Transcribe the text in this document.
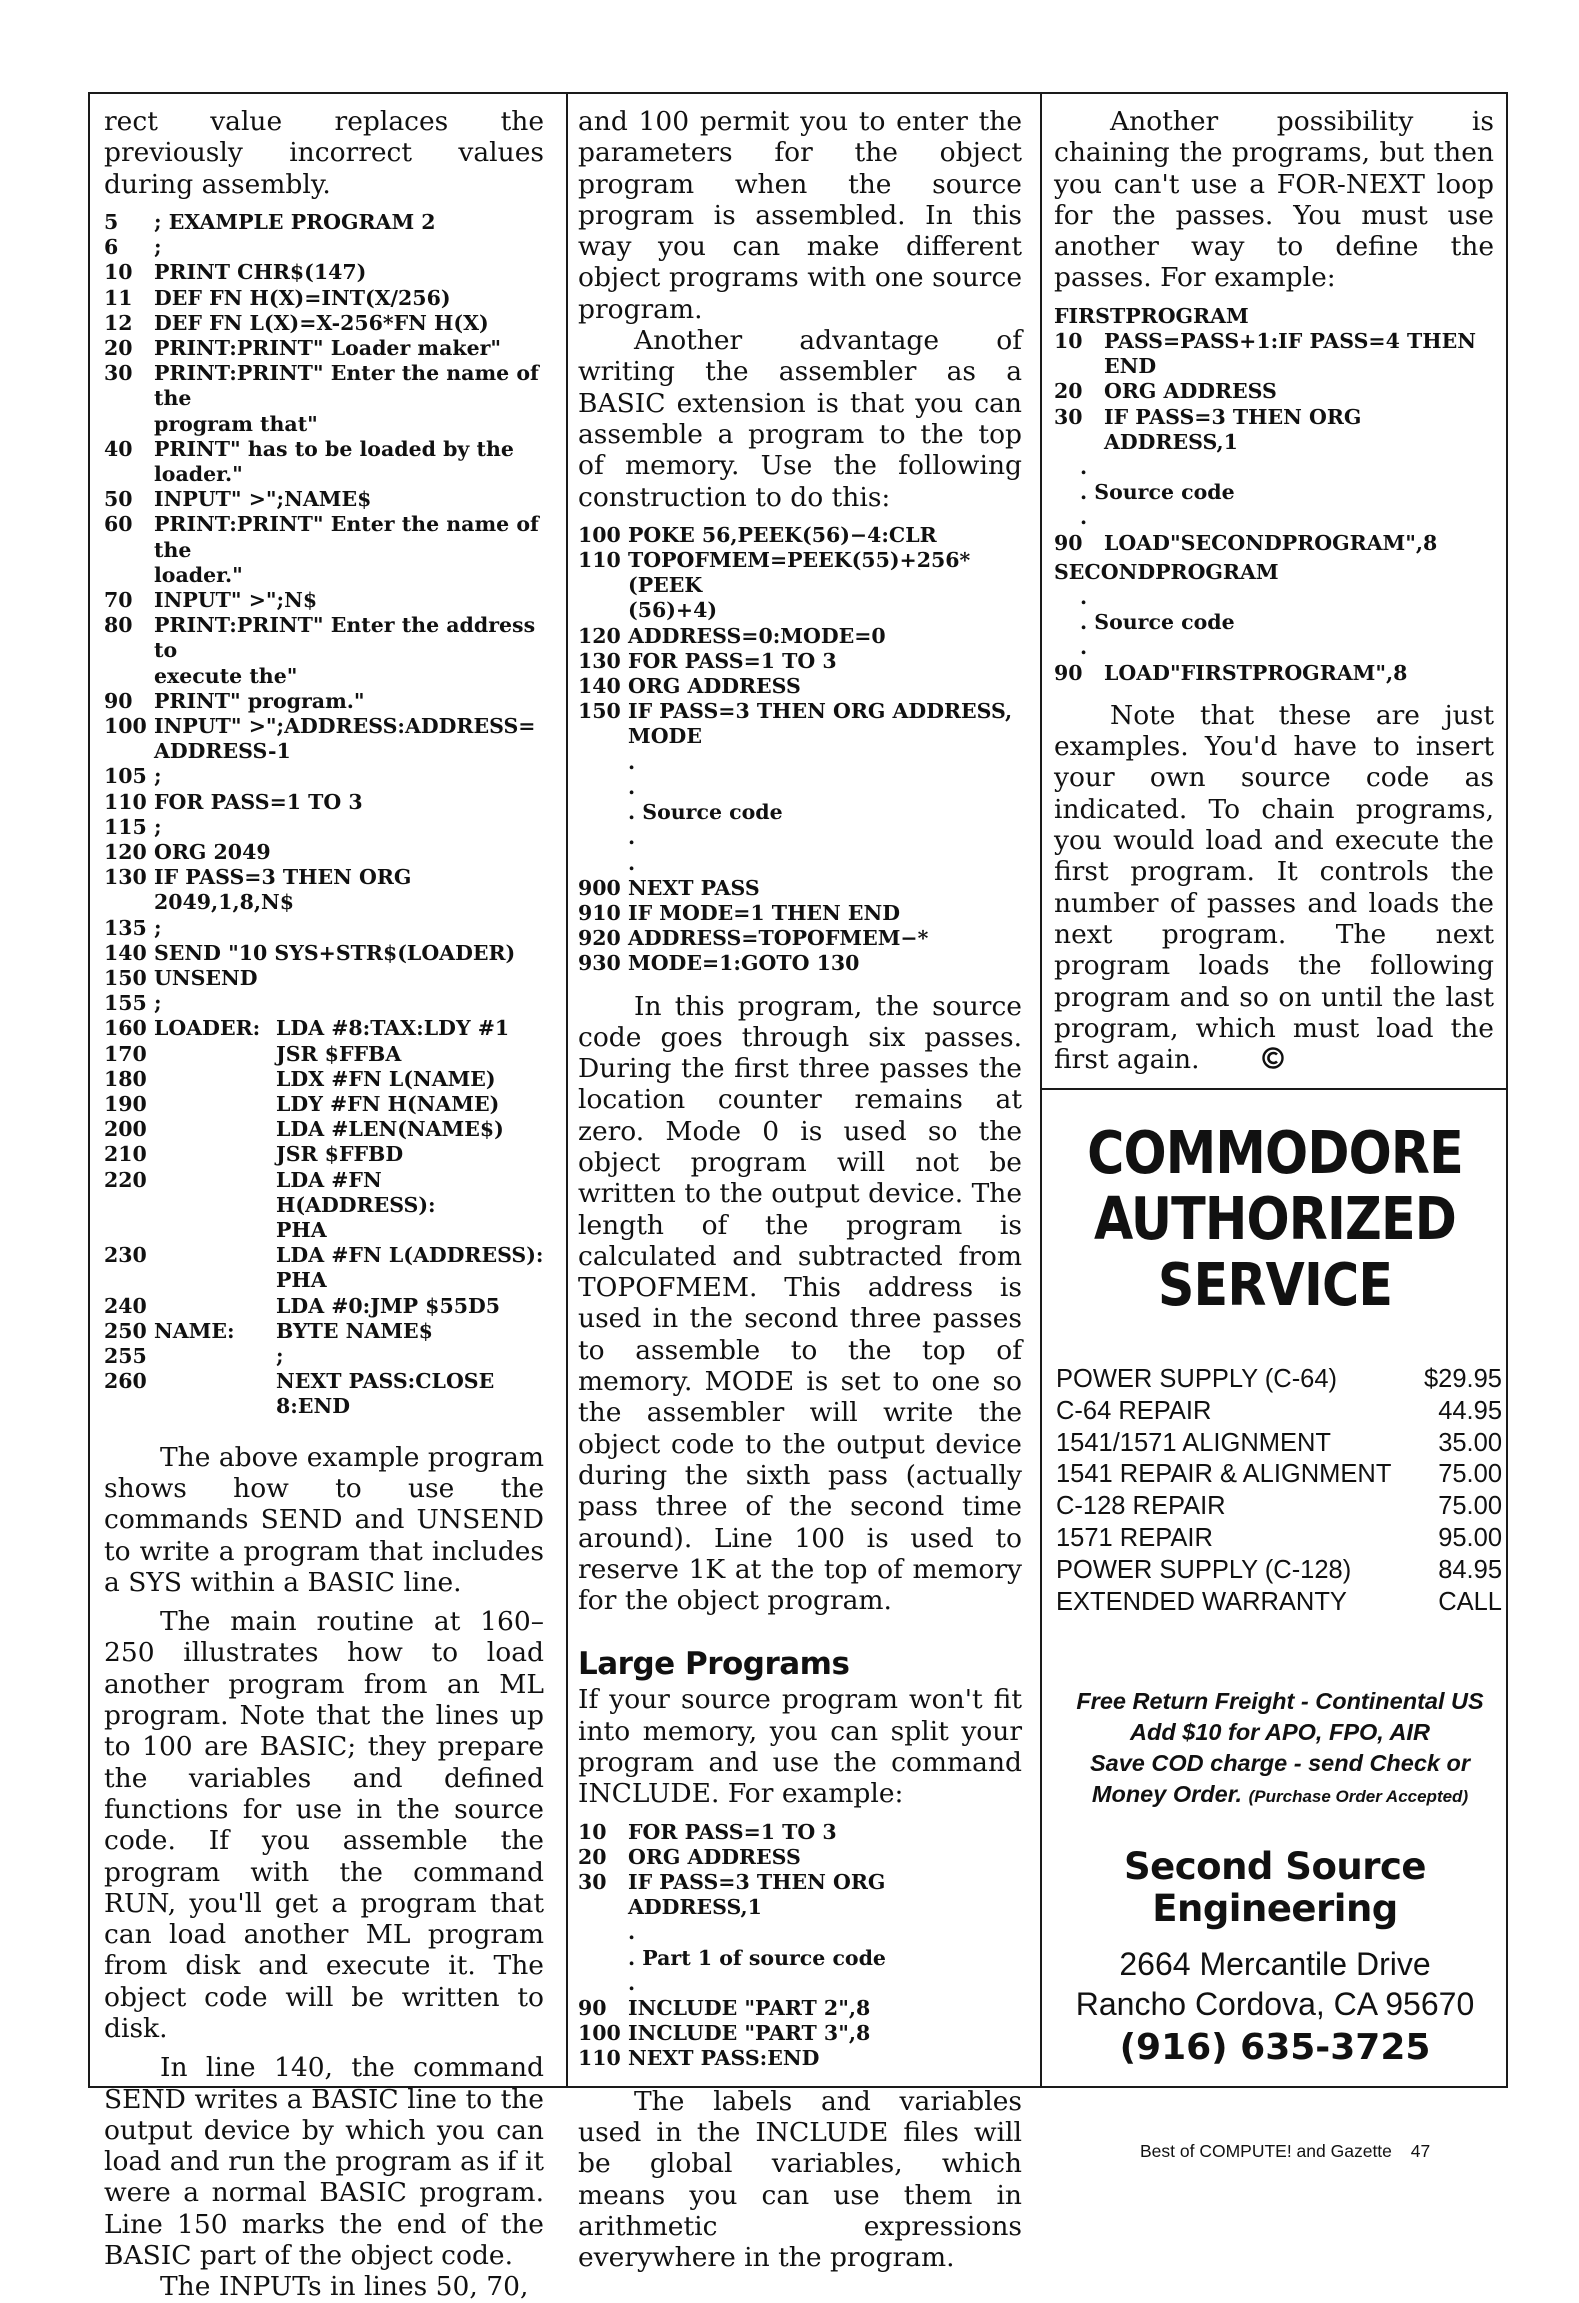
rect value replaces the previously incorrect values during assembly.

5	; EXAMPLE PROGRAM 2
6	;
10	PRINT CHR$(147)
11	DEF FN H(X)=INT(X/256)
12	DEF FN L(X)=X-256*FN H(X)
20	PRINT:PRINT" Loader maker"
30	PRINT:PRINT" Enter the name of the
program that"
40	PRINT" has to be loaded by the
loader."
50	INPUT" >";NAME$
60	PRINT:PRINT" Enter the name of the
loader."
70	INPUT" >";N$
80	PRINT:PRINT" Enter the address to
execute the"
90	PRINT" program."
100 INPUT" >";ADDRESS:ADDRESS=
ADDRESS-1
105 ;
110 FOR PASS=1 TO 3
115 ;
120 ORG 2049
130 IF PASS=3 THEN ORG 2049,1,8,N$
135 ;
140 SEND "10 SYS+STR$(LOADER)
150 UNSEND
155 ;
160 LOADER: LDA #8:TAX:LDY #1
170	JSR $FFBA
180	LDX #FN L(NAME)
190	LDY #FN H(NAME)
200	LDA #LEN(NAME$)
210	JSR $FFBD
220	LDA #FN H(ADDRESS):
PHA
230	LDA #FN L(ADDRESS):
PHA
240	LDA #0:JMP $55D5
250 NAME:	BYTE NAME$
255	;
260	NEXT PASS:CLOSE 8:END

The above example program shows how to use the commands SEND and UNSEND to write a program that includes a SYS within a BASIC line.

The main routine at 160–250 illustrates how to load another program from an ML program. Note that the lines up to 100 are BASIC; they prepare the variables and defined functions for use in the source code. If you assemble the program with the command RUN, you'll get a program that can load another ML program from disk and execute it. The object code will be written to disk.

In line 140, the command SEND writes a BASIC line to the output device by which you can load and run the program as if it were a normal BASIC program. Line 150 marks the end of the BASIC part of the object code.

The INPUTs in lines 50, 70,

and 100 permit you to enter the parameters for the object program when the source program is assembled. In this way you can make different object programs with one source program.

Another advantage of writing the assembler as a BASIC extension is that you can assemble a program to the top of memory. Use the following construction to do this:

100 POKE 56,PEEK(56)−4:CLR
110 TOPOFMEM=PEEK(55)+256*(PEEK
(56)+4)
120 ADDRESS=0:MODE=0
130 FOR PASS=1 TO 3
140 ORG ADDRESS
150 IF PASS=3 THEN ORG ADDRESS,
MODE
.
.
. Source code
.
.
900 NEXT PASS
910 IF MODE=1 THEN END
920 ADDRESS=TOPOFMEM−*
930 MODE=1:GOTO 130

In this program, the source code goes through six passes. During the first three passes the location counter remains at zero. Mode 0 is used so the object program will not be written to the output device. The length of the program is calculated and subtracted from TOPOFMEM. This address is used in the second three passes to assemble to the top of memory. MODE is set to one so the assembler will write the object code to the output device during the sixth pass (actually pass three of the second time around). Line 100 is used to reserve 1K at the top of memory for the object program.

Large Programs

If your source program won't fit into memory, you can split your program and use the command INCLUDE. For example:

10	FOR PASS=1 TO 3
20	ORG ADDRESS
30	IF PASS=3 THEN ORG ADDRESS,1
.
. Part 1 of source code
.
90	INCLUDE "PART 2",8
100 INCLUDE "PART 3",8
110 NEXT PASS:END

The labels and variables used in the INCLUDE files will be global variables, which means you can use them in arithmetic expressions everywhere in the program.

Another possibility is chaining the programs, but then you can't use a FOR-NEXT loop for the passes. You must use another way to define the passes. For example:

FIRSTPROGRAM
10	PASS=PASS+1:IF PASS=4 THEN
END
20	ORG ADDRESS
30	IF PASS=3 THEN ORG ADDRESS,1
.
. Source code
.
90	LOAD"SECONDPROGRAM",8
SECONDPROGRAM
.
. Source code
.
90	LOAD"FIRSTPROGRAM",8

Note that these are just examples. You'd have to insert your own source code as indicated. To chain programs, you would load and execute the first program. It controls the number of passes and loads the next program. The next program loads the following program and so on until the last program, which must load the first again.

COMMODORE
AUTHORIZED
SERVICE
POWER SUPPLY (C-64)	$29.95
C-64 REPAIR	44.95
1541/1571 ALIGNMENT	35.00
1541 REPAIR & ALIGNMENT 75.00
C-128 REPAIR	75.00
1571 REPAIR	95.00
POWER SUPPLY (C-128)	84.95
EXTENDED WARRANTY	CALL
Free Return Freight - Continental US
Add $10 for APO, FPO, AIR
Save COD charge - send Check or
Money Order. (Purchase Order Accepted)
Second Source
Engineering
2664 Mercantile Drive
Rancho Cordova, CA 95670
(916) 635-3725
Best of COMPUTE! and Gazette 47
